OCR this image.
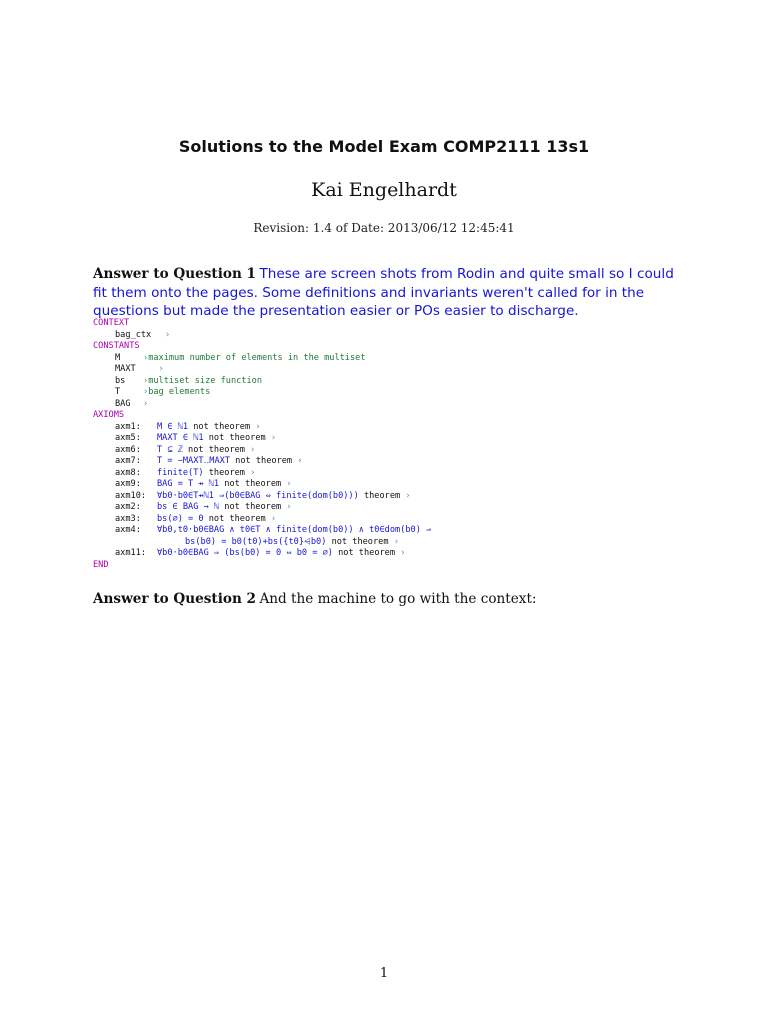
Solutions to the Model Exam COMP2111 13s1
Kai Engelhardt
Revision: 1.4 of Date: 2013/06/12 12:45:41
Answer to Question 1 These are screen shots from Rodin and quite small so I could fit them onto the pages. Some definitions and invariants weren't called for in the questions but made the presentation easier or POs easier to discharge.
CONTEXT
bag_ctx ›
CONSTANTS
M	›maximum number of elements in the multiset
MAXT	›
bs ›multiset size function
T	›bag elements
BAG ›
AXIOMS
axm1: M ∈ ℕ1 not theorem ›
axm5: MAXT ∈ ℕ1 not theorem ›
axm6: T ⊆ ℤ not theorem ›
axm7: T = −MAXT‥MAXT not theorem ›
axm8: finite(T) theorem ›
axm9: BAG = T ⇸ ℕ1 not theorem ›
axm10: ∀b0·b0∈T⇸ℕ1 ⇒(b0∈BAG ⇔ finite(dom(b0))) theorem ›
axm2: bs ∈ BAG → ℕ not theorem ›
axm3: bs(∅) = 0 not theorem ›
axm4: ∀b0,t0·b0∈BAG ∧ t0∈T ∧ finite(dom(b0)) ∧ t0∈dom(b0) ⇒
bs(b0) = b0(t0)+bs({t0}⩤b0) not theorem ›
axm11: ∀b0·b0∈BAG ⇒ (bs(b0) = 0 ⇔ b0 = ∅) not theorem ›
END
Answer to Question 2 And the machine to go with the context:
1
